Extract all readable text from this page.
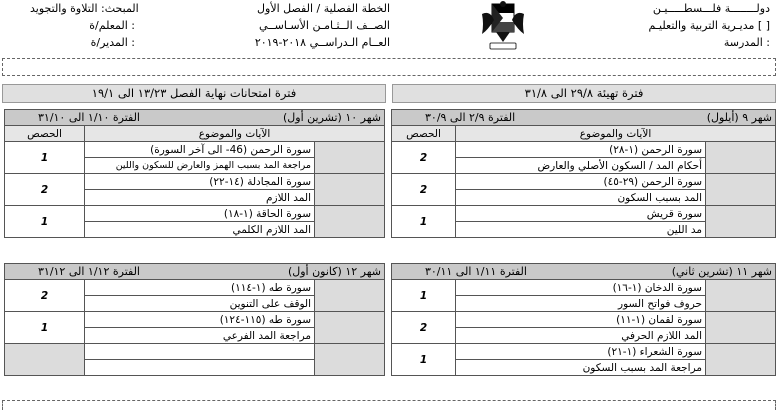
دولــــــــة فلـــسطـــــيـن
مديـرية التربية والتعليـم [ ]
المدرسة :
الخطة الفصلية / الفصل الأول
الصــف الــثـامـن الأسـاســي
العــام الـدراســي ٢٠١٨-٢٠١٩
المبحث: التلاوة والتجويد
المعلم/ة :
المدير/ة :
فترة تهيئة ٢٩/٨ الى ٣١/٨
فترة امتحانات نهاية الفصل ١٣/٢٣ الى ١٩/١
شهر ٩ (أيلول)
الفترة ٢/٩ الى ٣٠/٩		

الآيات والموضوع		الحصص
	سورة الرحمن (١-٢٨)	2
	أحكام المد / السكون الأصلي والعارض	
	سورة الرحمن (٢٩-٤٥)	2
	المد بسبب السكون	
	سورة قريش	1
	مد اللين	
شهر ١٠ (تشرين أول)
الفترة ١/١٠ الى ٣١/١٠		

الآيات والموضوع		الحصص
	سورة الرحمن (46- الى آخر السورة)	1
	مراجعة المد بسبب الهمز والعارض للسكون واللين	
	سورة المجادلة (١٤-٢٢)	2
	المد اللازم	
	سورة الحاقة (١-١٨)	1
	المد اللازم الكلمي	
شهر ١١ (تشرين ثاني)
الفترة ١/١١ الى ٣٠/١١		

	سورة الدخان (١-١٦)	1
	حروف فواتح السور	
	سورة لقمان (١-١١)	2
	المد اللازم الحرفي	
	سورة الشعراء (١-٢١)	1
	مراجعة المد بسبب السكون	
شهر ١٢ (كانون أول)
الفترة ١/١٢ الى ٣١/١٢		

	سورة طه (١-١١٤)	2
	الوقف على التنوين	
	سورة طه (١١٥-١٢٤)	1
	مراجعة المد الفرعي	
